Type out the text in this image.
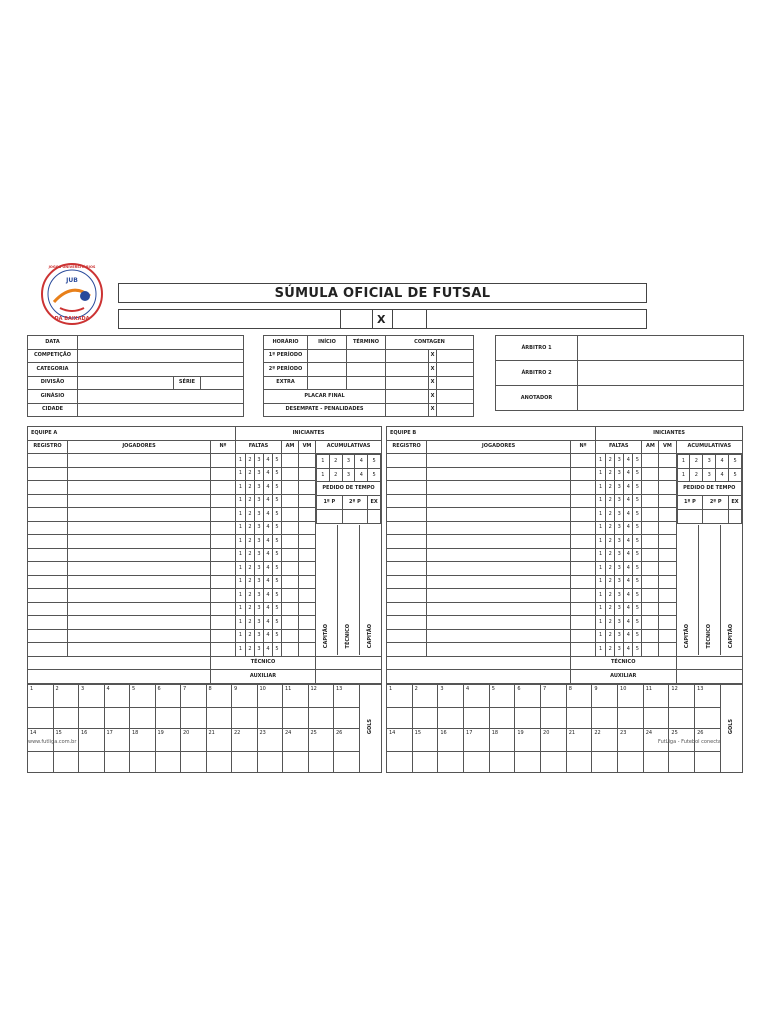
JOGOS UNIVERSITÁRIOS
JUB
DA BAIXADA
SÚMULA OFICIAL DE FUTSAL
X
DATA			
COMPETIÇÃO			
CATEGORIA			
DIVISÃO		SÉRIE	
GINÁSIO			
CIDADE			
HORÁRIO	INÍCIO	TÉRMINO	CONTAGEN		
1º PERÍODO				X	
2º PERÍODO				X	
EXTRA				X	
PLACAR FINAL				X	
DESEMPATE - PENALIDADES				X	
ÁRBITRO 1	
ÁRBITRO 2	
ANOTADOR	
EQUIPE A	INICIANTES
REGISTRO	JOGADORES	Nº	FALTAS	AM	VM	ACUMULATIVAS
			1	2	3	4	5				1	2	3	4	5
1	2	3	4	5
PEDIDO DE TEMPO
1º P	2º P	EX

CAPITÃO	TÉCNICO	CAPITÃO

			1	2	3	4	5		
			1	2	3	4	5		
			1	2	3	4	5		
			1	2	3	4	5		
			1	2	3	4	5		
			1	2	3	4	5		
			1	2	3	4	5		
			1	2	3	4	5		
			1	2	3	4	5		
			1	2	3	4	5		
			1	2	3	4	5		
			1	2	3	4	5		
			1	2	3	4	5		
			1	2	3	4	5		
	TÉCNICO	
	AUXILIAR	
1	2	3	4	5	6	7	8	9	10	11	12	13	GOLS

14	15	16	17	18	19	20	21	22	23	24	25	26	

EQUIPE B	INICIANTES
REGISTRO	JOGADORES	Nº	FALTAS	AM	VM	ACUMULATIVAS
			1	2	3	4	5				1	2	3	4	5
1	2	3	4	5
PEDIDO DE TEMPO
1º P	2º P	EX

CAPITÃO	TÉCNICO	CAPITÃO

			1	2	3	4	5		
			1	2	3	4	5		
			1	2	3	4	5		
			1	2	3	4	5		
			1	2	3	4	5		
			1	2	3	4	5		
			1	2	3	4	5		
			1	2	3	4	5		
			1	2	3	4	5		
			1	2	3	4	5		
			1	2	3	4	5		
			1	2	3	4	5		
			1	2	3	4	5		
			1	2	3	4	5		
	TÉCNICO	
	AUXILIAR	
1	2	3	4	5	6	7	8	9	10	11	12	13	GOLS

14	15	16	17	18	19	20	21	22	23	24	25	26	

www.futliga.com.br	FutLiga - Futebol conecta
